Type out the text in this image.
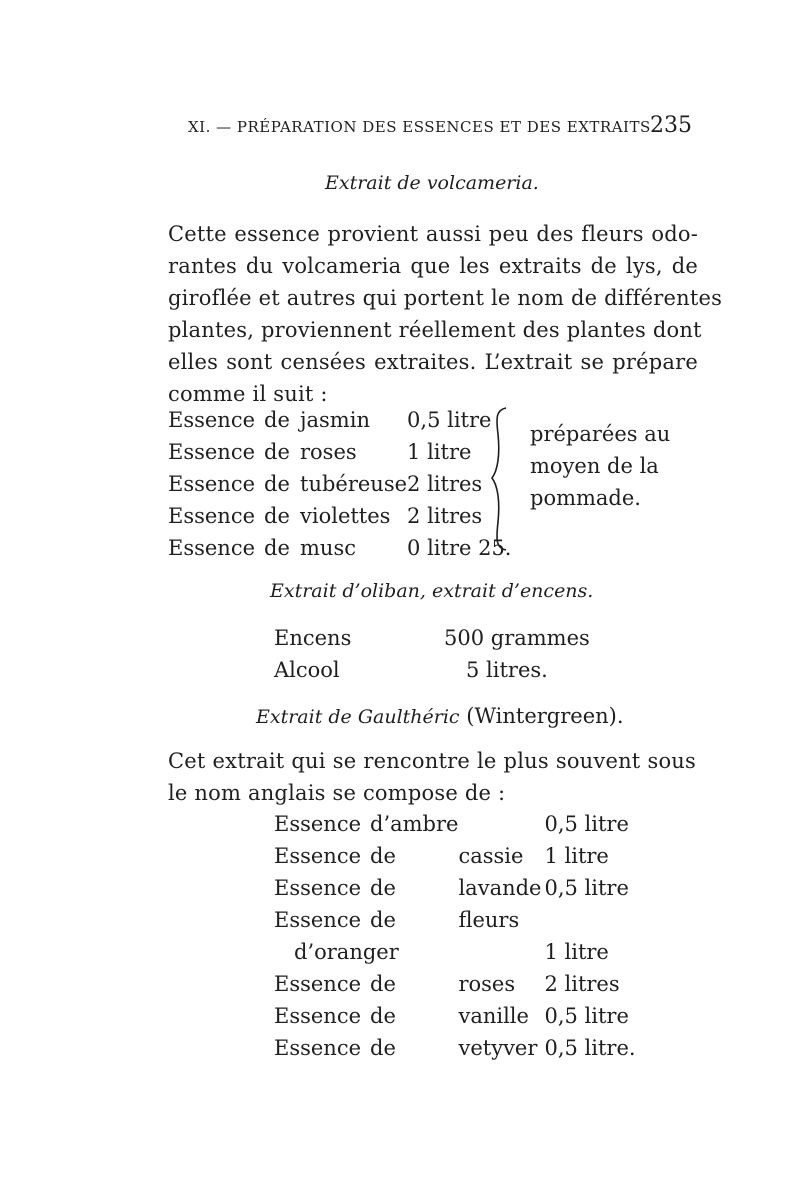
XI. — PRÉPARATION DES ESSENCES ET DES EXTRAITS 235
Extrait de volcameria.
Cette essence provient aussi peu des fleurs odo-
rantes du volcameria que les extraits de lys, de
giroflée et autres qui portent le nom de différentes
plantes, proviennent réellement des plantes dont
elles sont censées extraites. L’extrait se prépare
comme il suit :
Essence	de	jasmin	0,5 litre
Essence	de	roses	1 litre
Essence	de	tubéreuse	2 litres
Essence	de	violettes	2 litres
Essence	de	musc	0 litre 25.
préparées au
moyen de la
pommade.
Extrait d’oliban, extrait d’encens.
Encens	500 grammes
Alcool	5 litres.
Extrait de Gaulthéric (Wintergreen).
Cet extrait qui se rencontre le plus souvent sous
le nom anglais se compose de :
Essence	d’ambre		0,5 litre
Essence	de	cassie	1 litre
Essence	de	lavande	0,5 litre
Essence	de	fleurs	
d’oranger			1 litre
Essence	de	roses	2 litres
Essence	de	vanille	0,5 litre
Essence	de	vetyver	0,5 litre.
